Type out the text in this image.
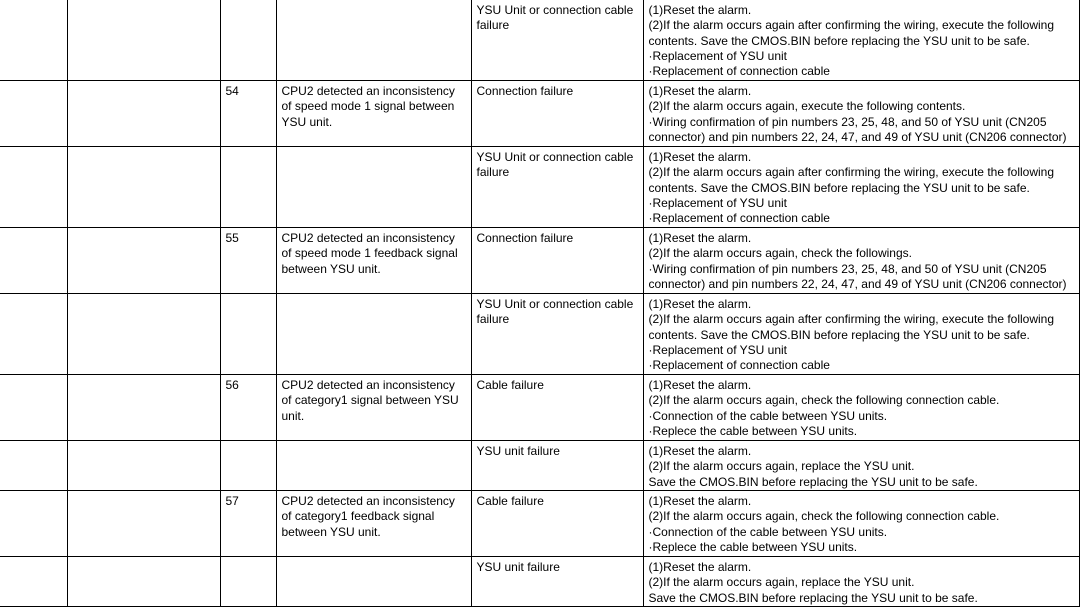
				YSU Unit or connection cable failure	(1)Reset the alarm.
(2)If the alarm occurs again after confirming the wiring, execute the following
contents. Save the CMOS.BIN before replacing the YSU unit to be safe.
·Replacement of YSU unit
·Replacement of connection cable

		54	CPU2 detected an inconsistency of speed mode 1 signal between YSU unit.	Connection failure	(1)Reset the alarm.
(2)If the alarm occurs again, execute the following contents.
·Wiring confirmation of pin numbers 23, 25, 48, and 50 of YSU unit (CN205
connector) and pin numbers 22, 24, 47, and 49 of YSU unit (CN206 connector)

				YSU Unit or connection cable failure	(1)Reset the alarm.
(2)If the alarm occurs again after confirming the wiring, execute the following
contents. Save the CMOS.BIN before replacing the YSU unit to be safe.
·Replacement of YSU unit
·Replacement of connection cable

		55	CPU2 detected an inconsistency of speed mode 1 feedback signal between YSU unit.	Connection failure	(1)Reset the alarm.
(2)If the alarm occurs again, check the followings.
·Wiring confirmation of pin numbers 23, 25, 48, and 50 of YSU unit (CN205
connector) and pin numbers 22, 24, 47, and 49 of YSU unit (CN206 connector)

				YSU Unit or connection cable failure	(1)Reset the alarm.
(2)If the alarm occurs again after confirming the wiring, execute the following
contents. Save the CMOS.BIN before replacing the YSU unit to be safe.
·Replacement of YSU unit
·Replacement of connection cable

		56	CPU2 detected an inconsistency of category1 signal between YSU unit.	Cable failure	(1)Reset the alarm.
(2)If the alarm occurs again, check the following connection cable.
·Connection of the cable between YSU units.
·Replece the cable between YSU units.

				YSU unit failure	(1)Reset the alarm.
(2)If the alarm occurs again, replace the YSU unit.
Save the CMOS.BIN before replacing the YSU unit to be safe.

		57	CPU2 detected an inconsistency of category1 feedback signal between YSU unit.	Cable failure	(1)Reset the alarm.
(2)If the alarm occurs again, check the following connection cable.
·Connection of the cable between YSU units.
·Replece the cable between YSU units.

				YSU unit failure	(1)Reset the alarm.
(2)If the alarm occurs again, replace the YSU unit.
Save the CMOS.BIN before replacing the YSU unit to be safe.
